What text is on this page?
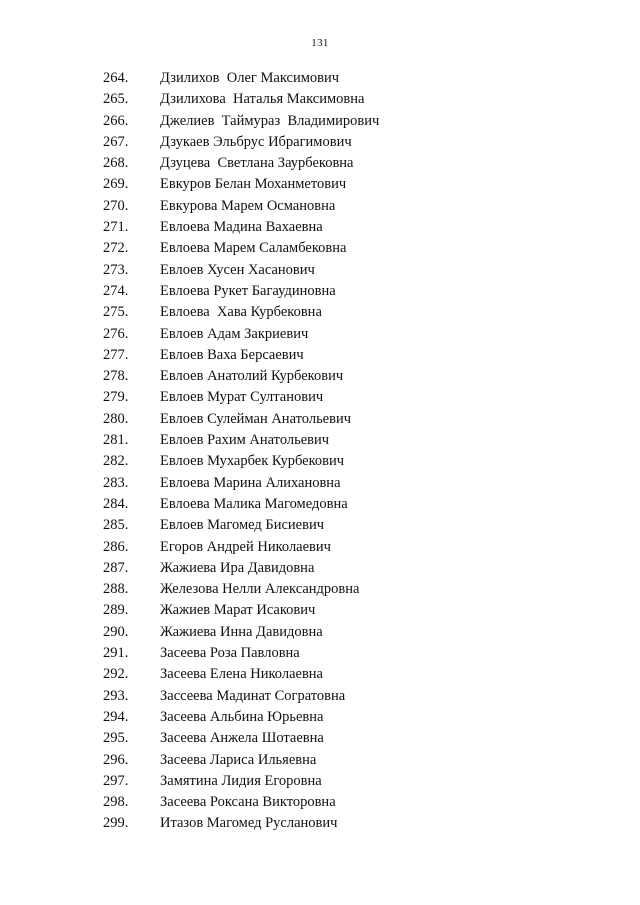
131
264. Дзилихов  Олег Максимович
265. Дзилихова  Наталья Максимовна
266. Джелиев  Таймураз  Владимирович
267. Дзукаев Эльбрус Ибрагимович
268. Дзуцева  Светлана Заурбековна
269. Евкуров Белан Моханметович
270. Евкурова Марем Османовна
271. Евлоева Мадина Вахаевна
272. Евлоева Марем Саламбековна
273. Евлоев Хусен Хасанович
274. Евлоева Рукет Багаудиновна
275. Евлоева  Хава Курбековна
276. Евлоев Адам Закриевич
277. Евлоев Ваха Берсаевич
278. Евлоев Анатолий Курбекович
279. Евлоев Мурат Султанович
280. Евлоев Сулейман Анатольевич
281. Евлоев Рахим Анатольевич
282. Евлоев Мухарбек Курбекович
283. Евлоева Марина Алихановна
284. Евлоева Малика Магомедовна
285. Евлоев Магомед Бисиевич
286. Егоров Андрей Николаевич
287. Жажиева Ира Давидовна
288. Железова Нелли Александровна
289. Жажиев Марат Исакович
290. Жажиева Инна Давидовна
291. Засеева Роза Павловна
292. Засеева Елена Николаевна
293. Зассеева Мадинат Согратовна
294. Засеева Альбина Юрьевна
295. Засеева Анжела Шотаевна
296. Засеева Лариса Ильяевна
297. Замятина Лидия Егоровна
298. Засеева Роксана Викторовна
299. Итазов Магомед Русланович
